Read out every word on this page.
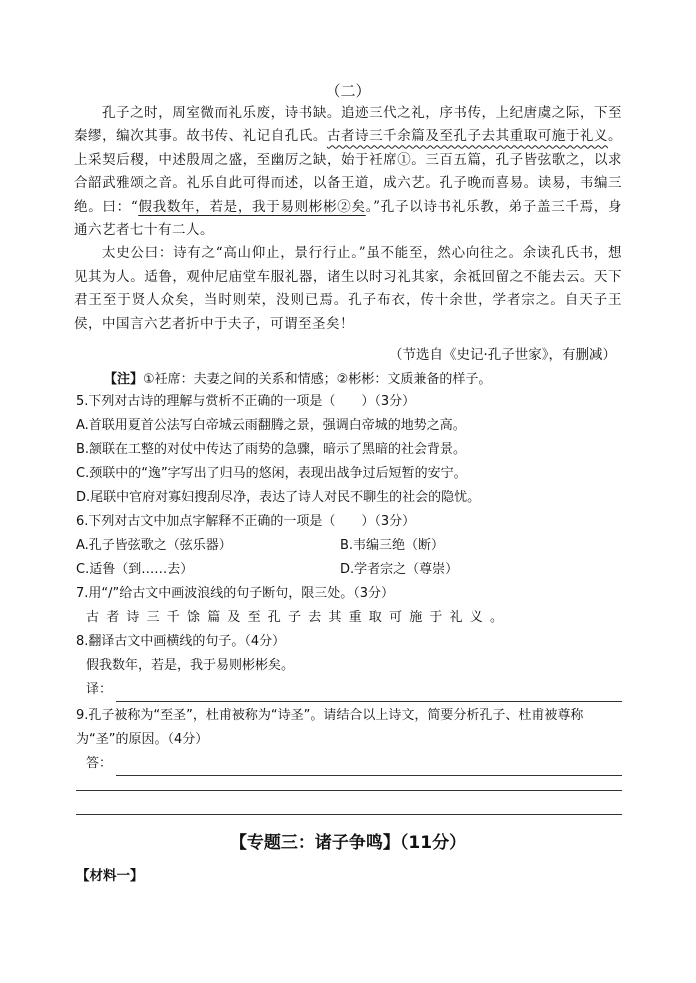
（二）

孔子之时，周室微而礼乐废，诗书缺。追迹三代之礼，序书传，上纪唐虞之际，下至秦缪，编次其事。故书传、礼记自孔氏。古者诗三千余篇及至孔子去其重取可施于礼义。上采契后稷，中述殷周之盛，至幽厉之缺，始于衽席①。三百五篇，孔子皆弦歌之，以求合韶武雅颂之音。礼乐自此可得而述，以备王道，成六艺。孔子晚而喜易。读易，韦编三绝。曰：“假我数年，若是，我于易则彬彬②矣。”孔子以诗书礼乐教，弟子盖三千焉，身通六艺者七十有二人。

太史公曰：诗有之“高山仰止，景行行止。”虽不能至，然心向往之。余读孔氏书，想见其为人。适鲁，观仲尼庙堂车服礼器，诸生以时习礼其家，余祗回留之不能去云。天下君王至于贤人众矣，当时则荣，没则已焉。孔子布衣，传十余世，学者宗之。自天子王侯，中国言六艺者折中于夫子，可谓至圣矣！

（节选自《史记·孔子世家》，有删减）
【注】①衽席：夫妻之间的关系和情感；②彬彬：文质兼备的样子。
5.下列对古诗的理解与赏析不正确的一项是（　　）（3分）
A.首联用夏首公法写白帝城云雨翻腾之景，强调白帝城的地势之高。
B.颔联在工整的对仗中传达了雨势的急骤，暗示了黑暗的社会背景。
C.颈联中的“逸”字写出了归马的悠闲，表现出战争过后短暂的安宁。
D.尾联中官府对寡妇搜刮尽净，表达了诗人对民不聊生的社会的隐忧。
6.下列对古文中加点字解释不正确的一项是（　　）（3分）
A.孔子皆弦歌之（弦乐器）	B.韦编三绝（断）
C.适鲁（到……去）	D.学者宗之（尊崇）
7.用“/”给古文中画波浪线的句子断句，限三处。（3分）
古者诗三千馀篇及至孔子去其重取可施于礼义。
8.翻译古文中画横线的句子。（4分）
假我数年，若是，我于易则彬彬矣。
译：
9.孔子被称为“至圣”，杜甫被称为“诗圣”。请结合以上诗文，简要分析孔子、杜甫被尊称为“圣”的原因。（4分）
答：
【专题三：诸子争鸣】（11分）
【材料一】
